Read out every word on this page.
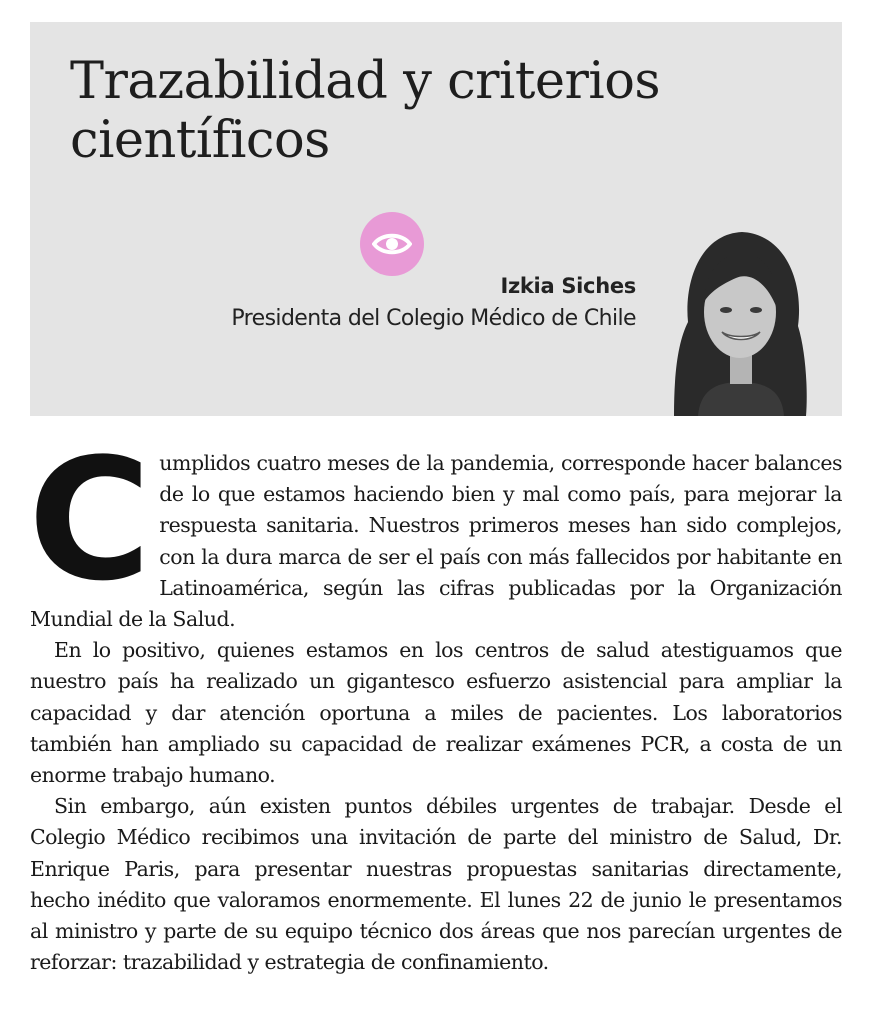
Trazabilidad y criterios científicos
Izkia Siches
Presidenta del Colegio Médico de Chile
C umplidos cuatro meses de la pandemia, corresponde hacer balances de lo que estamos haciendo bien y mal como país, para mejorar la respuesta sanitaria. Nuestros primeros meses han sido complejos, con la dura marca de ser el país con más fallecidos por habitante en Latinoamérica, según las cifras publicadas por la Organización Mundial de la Salud.

En lo positivo, quienes estamos en los centros de salud atestiguamos que nuestro país ha realizado un gigantesco esfuerzo asistencial para ampliar la capacidad y dar atención oportuna a miles de pacientes. Los laboratorios también han ampliado su capacidad de realizar exámenes PCR, a costa de un enorme trabajo humano.

Sin embargo, aún existen puntos débiles urgentes de trabajar. Desde el Colegio Médico recibimos una invitación de parte del ministro de Salud, Dr. Enrique Paris, para presentar nuestras propuestas sanitarias directamente, hecho inédito que valoramos enormemente. El lunes 22 de junio le presentamos al ministro y parte de su equipo técnico dos áreas que nos parecían urgentes de reforzar: trazabilidad y estrategia de confinamiento.
